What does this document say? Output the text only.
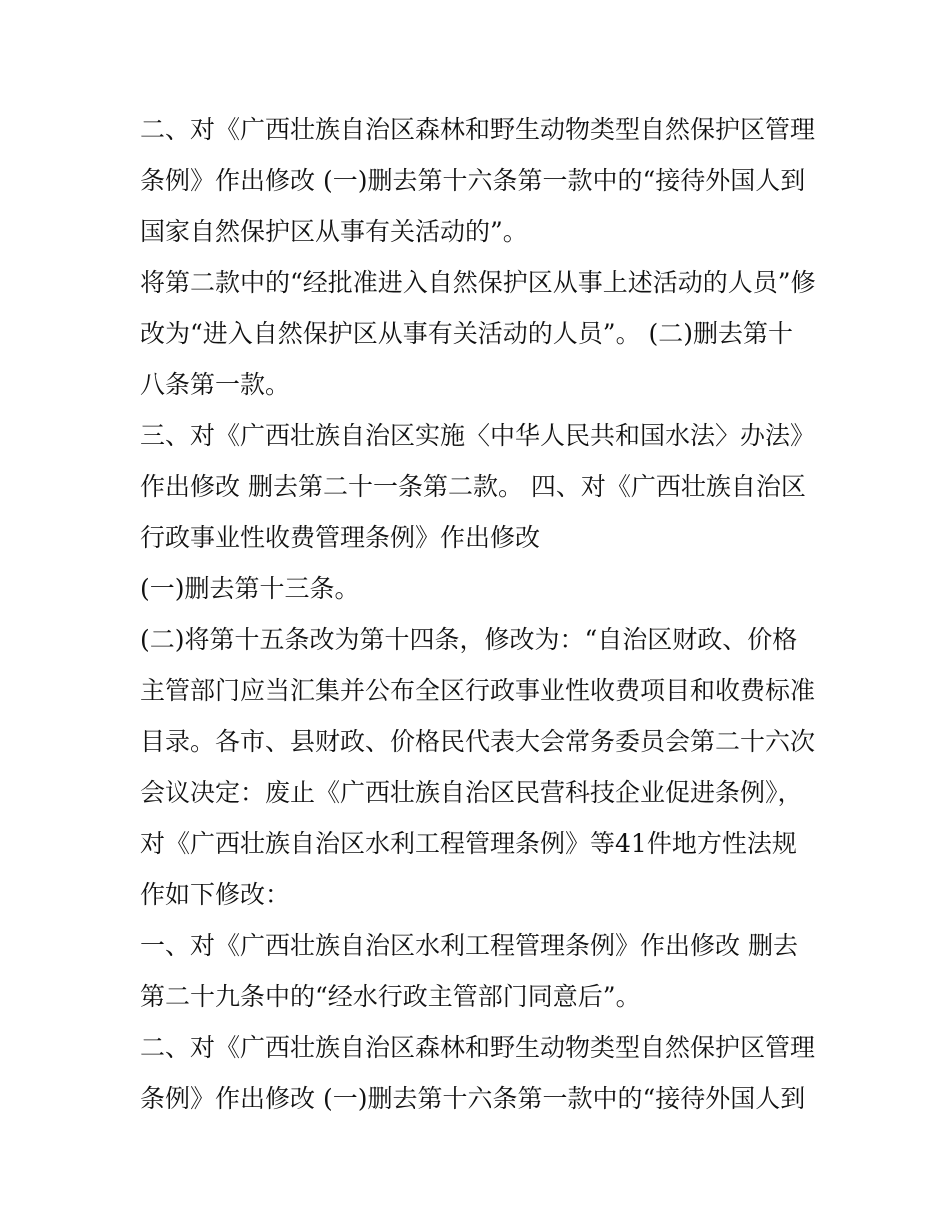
二、对《广西壮族自治区森林和野生动物类型自然保护区管理条例》作出修改 (一)删去第十六条第一款中的“接待外国人到国家自然保护区从事有关活动的”。

将第二款中的“经批准进入自然保护区从事上述活动的人员”修改为“进入自然保护区从事有关活动的人员”。 (二)删去第十八条第一款。

三、对《广西壮族自治区实施〈中华人民共和国水法〉办法》作出修改 删去第二十一条第二款。 四、对《广西壮族自治区行政事业性收费管理条例》作出修改

(一)删去第十三条。

(二)将第十五条改为第十四条，修改为：“自治区财政、价格主管部门应当汇集并公布全区行政事业性收费项目和收费标准目录。各市、县财政、价格民代表大会常务委员会第二十六次会议决定：废止《广西壮族自治区民营科技企业促进条例》，对《广西壮族自治区水利工程管理条例》等41件地方性法规作如下修改：

一、对《广西壮族自治区水利工程管理条例》作出修改 删去第二十九条中的“经水行政主管部门同意后”。

二、对《广西壮族自治区森林和野生动物类型自然保护区管理条例》作出修改 (一)删去第十六条第一款中的“接待外国人到
